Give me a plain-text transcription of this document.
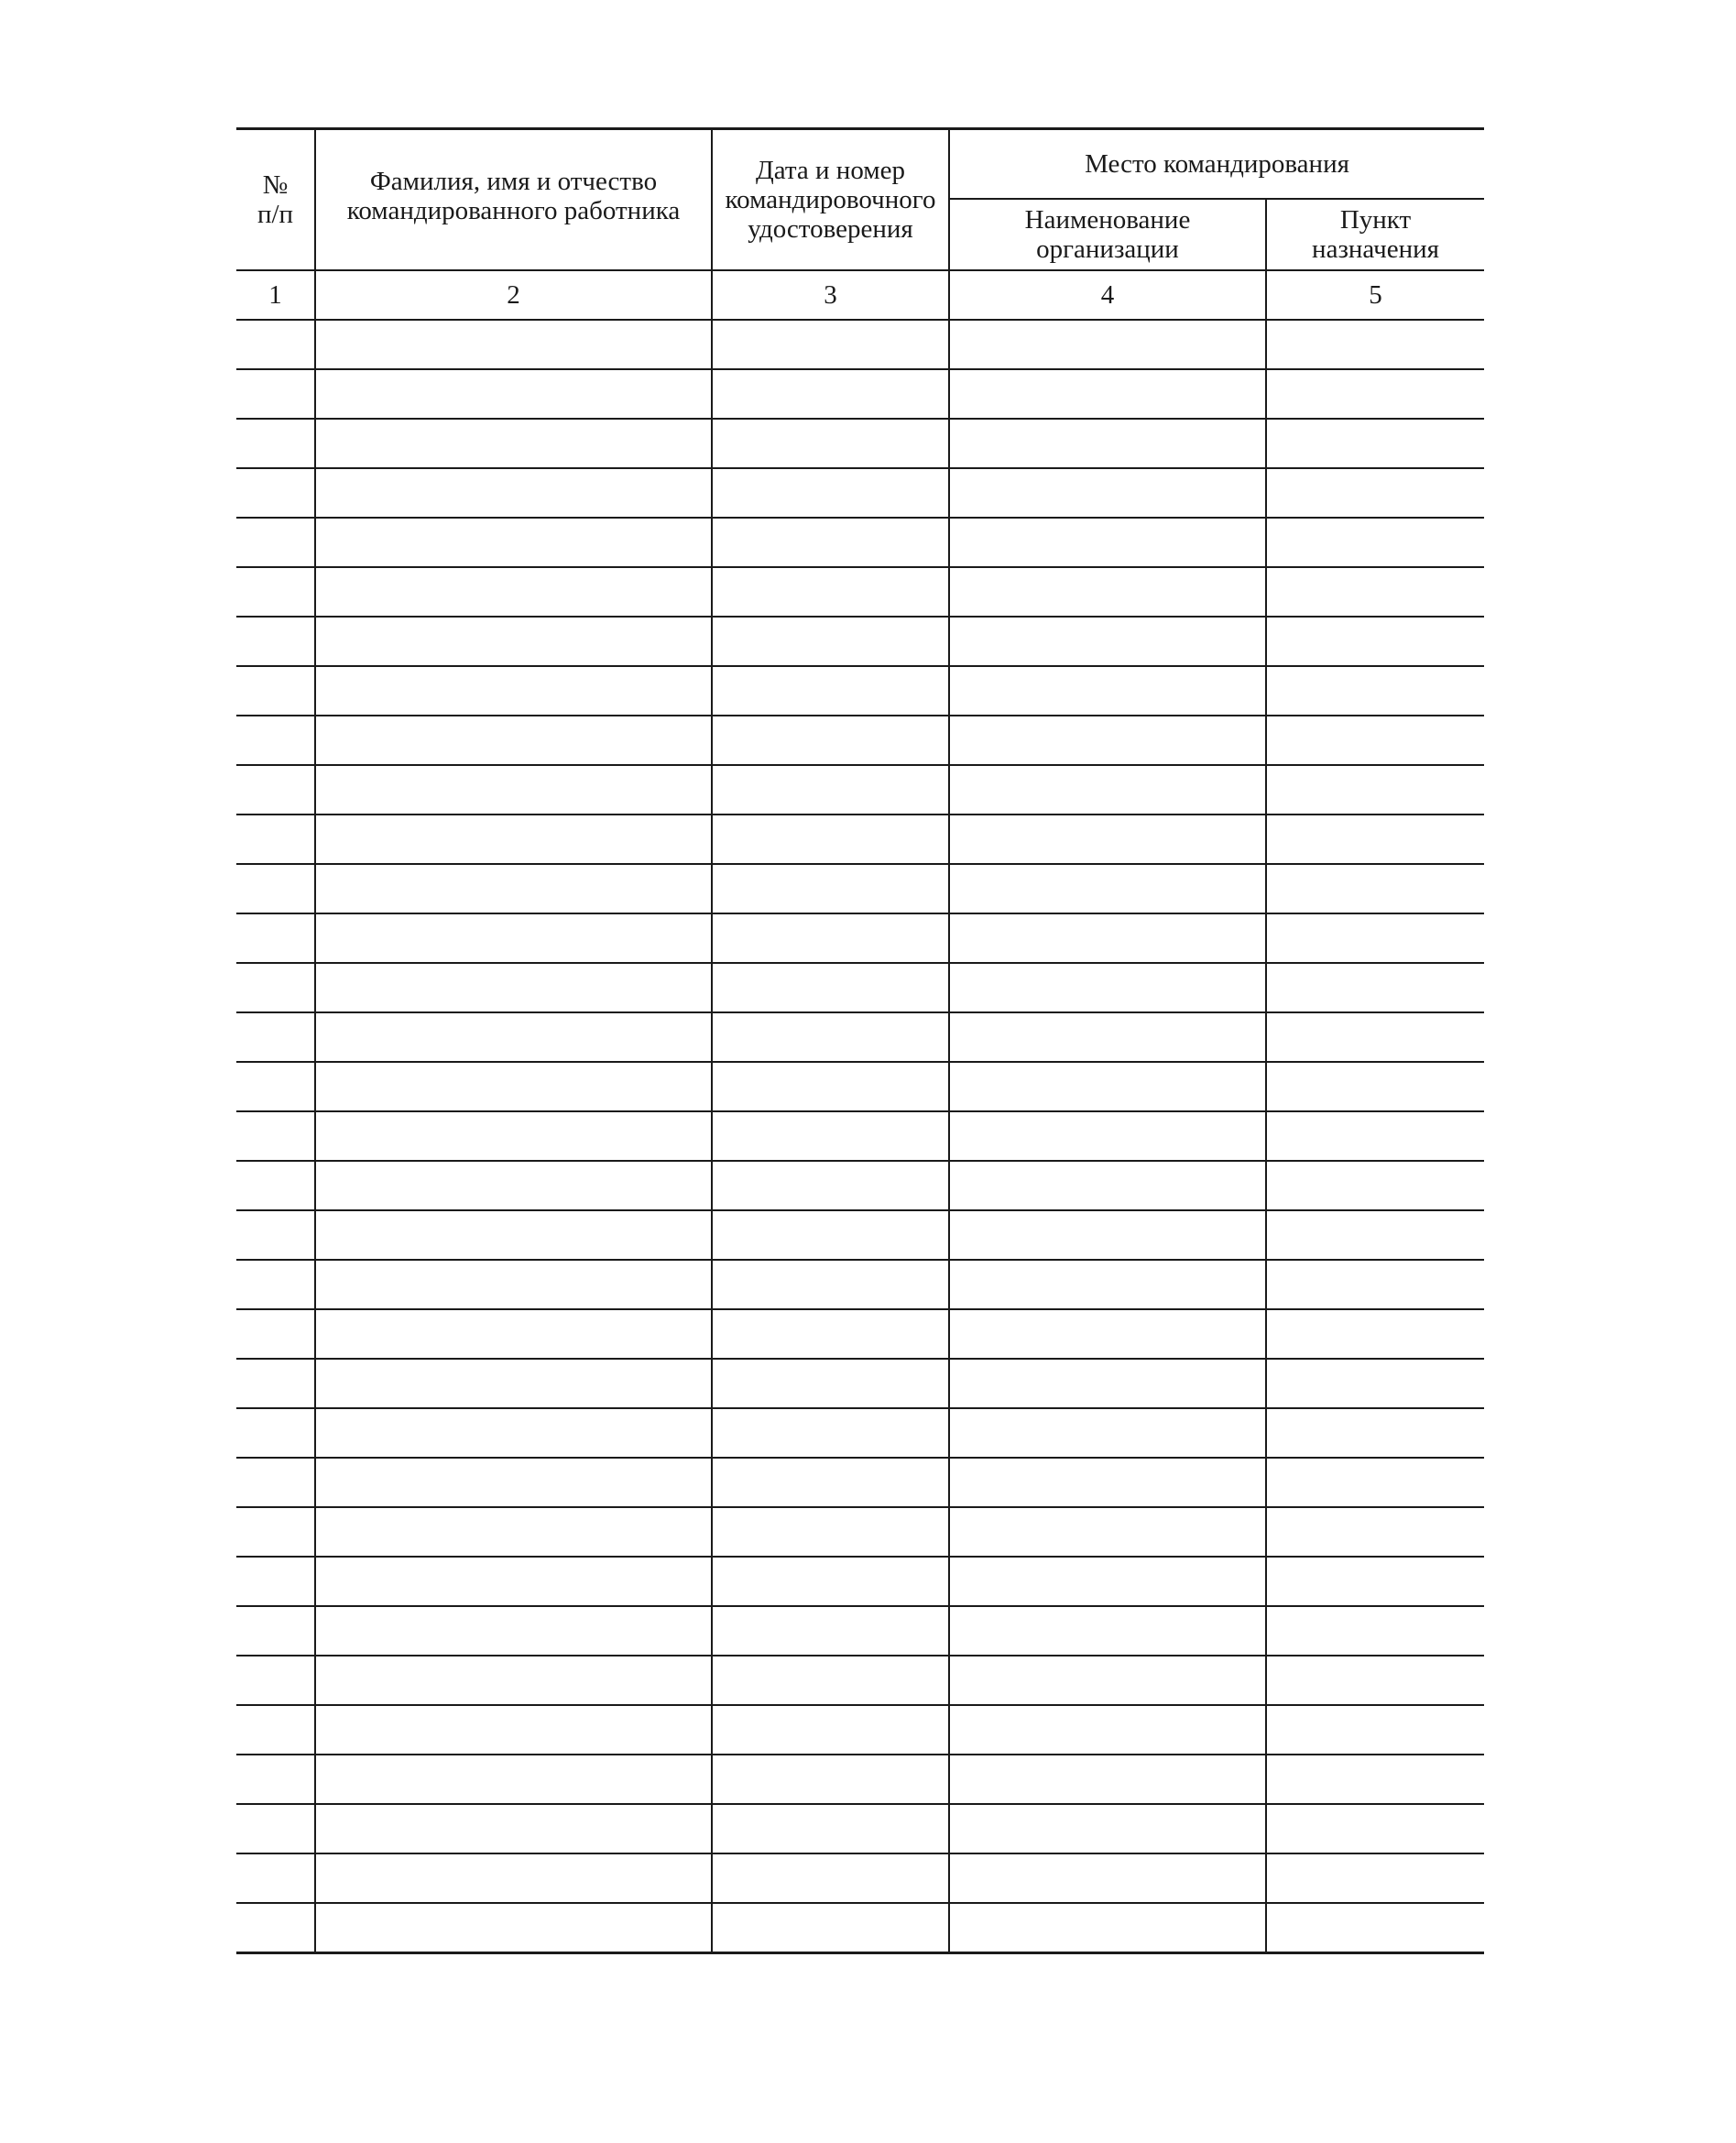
№
п/п	Фамилия, имя и отчество командированного работника	Дата и номер командировочного удостоверения	Место командирования	
			Наименование организации	Пункт назначения
1	2	3	4	5
